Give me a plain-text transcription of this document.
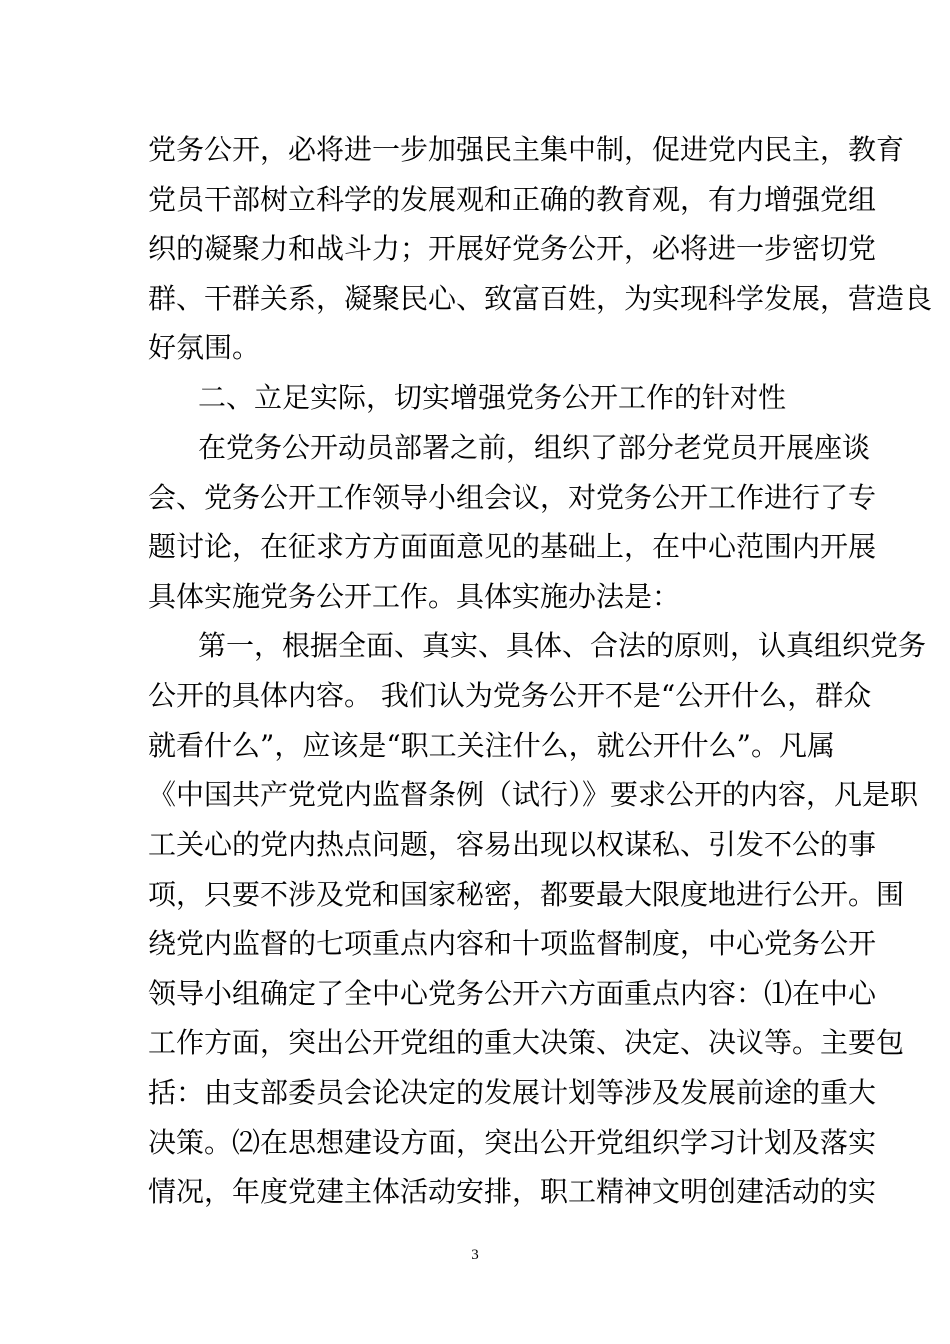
党务公开，必将进一步加强民主集中制，促进党内民主，教育
党员干部树立科学的发展观和正确的教育观，有力增强党组
织的凝聚力和战斗力；开展好党务公开，必将进一步密切党
群、干群关系，凝聚民心、致富百姓，为实现科学发展，营造良
好氛围。
二、立足实际，切实增强党务公开工作的针对性
在党务公开动员部署之前，组织了部分老党员开展座谈
会、党务公开工作领导小组会议，对党务公开工作进行了专
题讨论，在征求方方面面意见的基础上，在中心范围内开展
具体实施党务公开工作。具体实施办法是：
第一，根据全面、真实、具体、合法的原则，认真组织党务
公开的具体内容。 我们认为党务公开不是“公开什么，群众
就看什么”，应该是“职工关注什么，就公开什么”。凡属
《中国共产党党内监督条例（试行）》要求公开的内容，凡是职
工关心的党内热点问题，容易出现以权谋私、引发不公的事
项，只要不涉及党和国家秘密，都要最大限度地进行公开。围
绕党内监督的七项重点内容和十项监督制度，中心党务公开
领导小组确定了全中心党务公开六方面重点内容：⑴在中心
工作方面，突出公开党组的重大决策、决定、决议等。主要包
括：由支部委员会论决定的发展计划等涉及发展前途的重大
决策。⑵在思想建设方面，突出公开党组织学习计划及落实
情况，年度党建主体活动安排，职工精神文明创建活动的实
3
